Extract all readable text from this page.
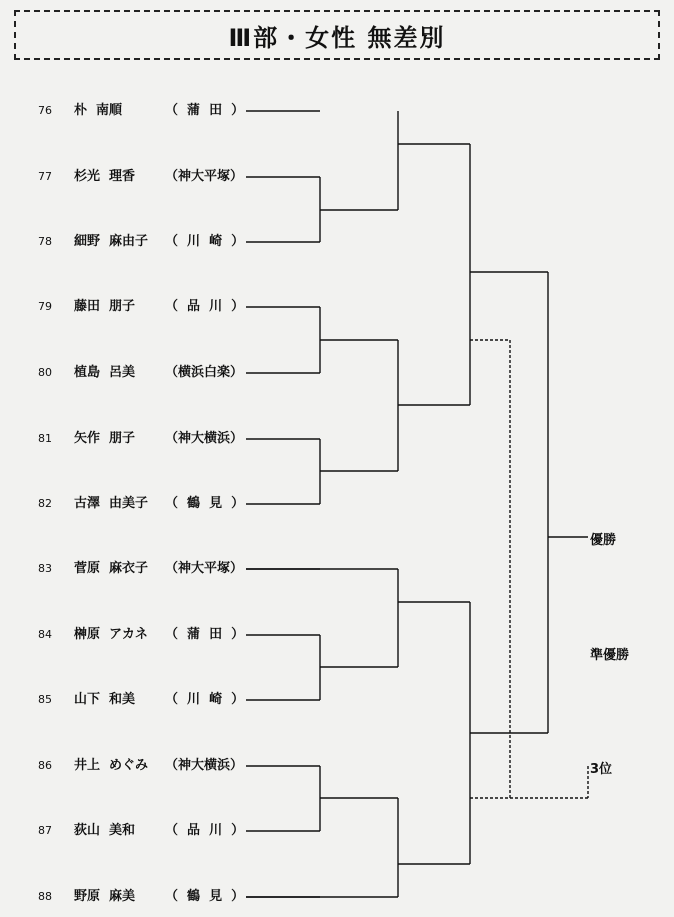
Ⅲ部・女性 無差別
76	朴  南順	（  蒲  田  ）
77	杉光  理香	（神大平塚）
78	細野  麻由子	（  川  崎  ）
79	藤田  朋子	（  品  川  ）
80	植島  呂美	（横浜白楽）
81	矢作  朋子	（神大横浜）
82	古澤  由美子	（  鶴  見  ）
83	菅原  麻衣子	（神大平塚）
84	榊原  アカネ	（  蒲  田  ）
85	山下  和美	（  川  崎  ）
86	井上  めぐみ	（神大横浜）
87	荻山  美和	（  品  川  ）
88	野原  麻美	（  鶴  見  ）
優勝
準優勝
3位
